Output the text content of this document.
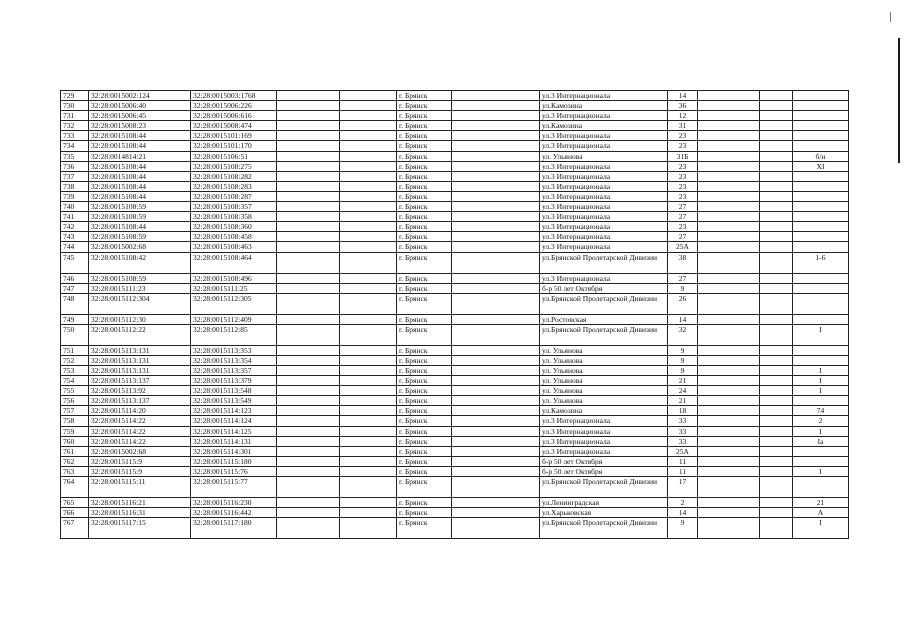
729	32:28:0015002:124	32:28:0015003:1768			г. Брянск		ул.3 Интернационала	14			
730	32:28:0015006:40	32:28:0015006:226			г. Брянск		ул.Камозина	36			
731	32:28:0015006:45	32:28:0015006:616			г. Брянск		ул.3 Интернационала	12			
732	32:28:0015008:23	32:28:0015008:474			г. Брянск		ул.Камозина	31			
733	32:28:0015108:44	32:28:0015101:169			г. Брянск		ул.3 Интернационала	23			
734	32:28:0015108:44	32:28:0015101:170			г. Брянск		ул.3 Интернационала	23			
735	32:28:0014814:21	32:28:0015106:51			г. Брянск		ул. Ульянова	31Б			б/н
736	32:28:0015108:44	32:28:0015108:275			г. Брянск		ул.3 Интернационала	23			XI
737	32:28:0015108:44	32:28:0015108:282			г. Брянск		ул.3 Интернационала	23			
738	32:28:0015108:44	32:28:0015108:283			г. Брянск		ул.3 Интернационала	23			
739	32:28:0015108:44	32:28:0015108:287			г. Брянск		ул.3 Интернационала	23			
740	32:28:0015108:59	32:28:0015108:357			г. Брянск		ул.3 Интернационала	27			
741	32:28:0015108:59	32:28:0015108:358			г. Брянск		ул.3 Интернационала	27			
742	32:28:0015108:44	32:28:0015108:360			г. Брянск		ул.3 Интернационала	23			
743	32:28:0015108:59	32:28:0015108:458			г. Брянск		ул.3 Интернационала	27			
744	32:28:0015002:68	32:28:0015108:463			г. Брянск		ул.3 Интернационала	25А			
745	32:28:0015108:42	32:28:0015108:464			г. Брянск		ул.Брянской Пролетарской Дивизии	38			1-6
746	32:28:0015108:59	32:28:0015108:496			г. Брянск		ул.3 Интернационала	27			
747	32:28:0015111:23	32:28:0015111:25			г. Брянск		б-р 50 лет Октября	9			
748	32:28:0015112:304	32:28:0015112:305			г. Брянск		ул.Брянской Пролетарской Дивизии	26			
749	32:28:0015112:30	32:28:0015112:409			г. Брянск		ул.Ростовская	14			
750	32:28:0015112:22	32:28:0015112:85			г. Брянск		ул.Брянской Пролетарской Дивизии	32			I
751	32:28:0015113:131	32:28:0015113:353			г. Брянск		ул. Ульянова	9			
752	32:28:0015113:131	32:28:0015113:354			г. Брянск		ул. Ульянова	9			
753	32:28:0015113:131	32:28:0015113:357			г. Брянск		ул. Ульянова	9			I
754	32:28:0015113:137	32:28:0015113:379			г. Брянск		ул. Ульянова	21			I
755	32:28:0015113:92	32:28:0015113:548			г. Брянск		ул. Ульянова	24			I
756	32:28:0015113:137	32:28:0015113:549			г. Брянск		ул. Ульянова	21			
757	32:28:0015114:20	32:28:0015114:123			г. Брянск		ул.Камозина	18			74
758	32:28:0015114:22	32:28:0015114:124			г. Брянск		ул.3 Интернационала	33			2
759	32:28:0015114:22	32:28:0015114:125			г. Брянск		ул.3 Интернационала	33			I
760	32:28:0015114:22	32:28:0015114:131			г. Брянск		ул.3 Интернационала	33			Ia
761	32:28:0015002:68	32:28:0015114:301			г. Брянск		ул.3 Интернационала	25А			
762	32:28:0015115:9	32:28:0015115:180			г. Брянск		б-р 50 лет Октября	11			
763	32:28:0015115:9	32:28:0015115:76			г. Брянск		б-р 50 лет Октября	11			I
764	32:28:0015115:11	32:28:0015115:77			г. Брянск		ул.Брянской Пролетарской Дивизии	17			
765	32:28:0015116:21	32:28:0015116:230			г. Брянск		ул.Ленинградская	2			21
766	32:28:0015116:31	32:28:0015116:442			г. Брянск		ул.Харьковская	14			А
767	32:28:0015117:15	32:28:0015117:180			г. Брянск		ул.Брянской Пролетарской Дивизии	9			I
